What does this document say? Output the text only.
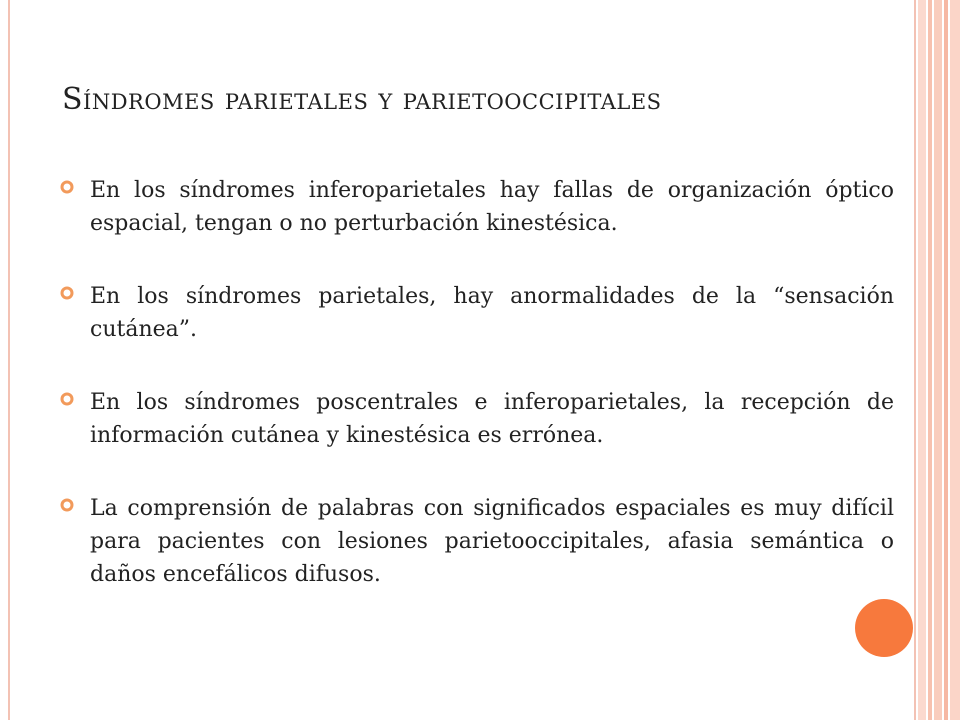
Síndromes parietales y parietooccipitales
En los síndromes inferoparietales hay fallas de organización óptico espacial, tengan o no perturbación kinestésica.
En los síndromes parietales, hay anormalidades de la “sensación cutánea”.
En los síndromes poscentrales e inferoparietales, la recepción de información cutánea y kinestésica es errónea.
La comprensión de palabras con significados espaciales es muy difícil para pacientes con lesiones parietooccipitales, afasia semántica o daños encefálicos difusos.
